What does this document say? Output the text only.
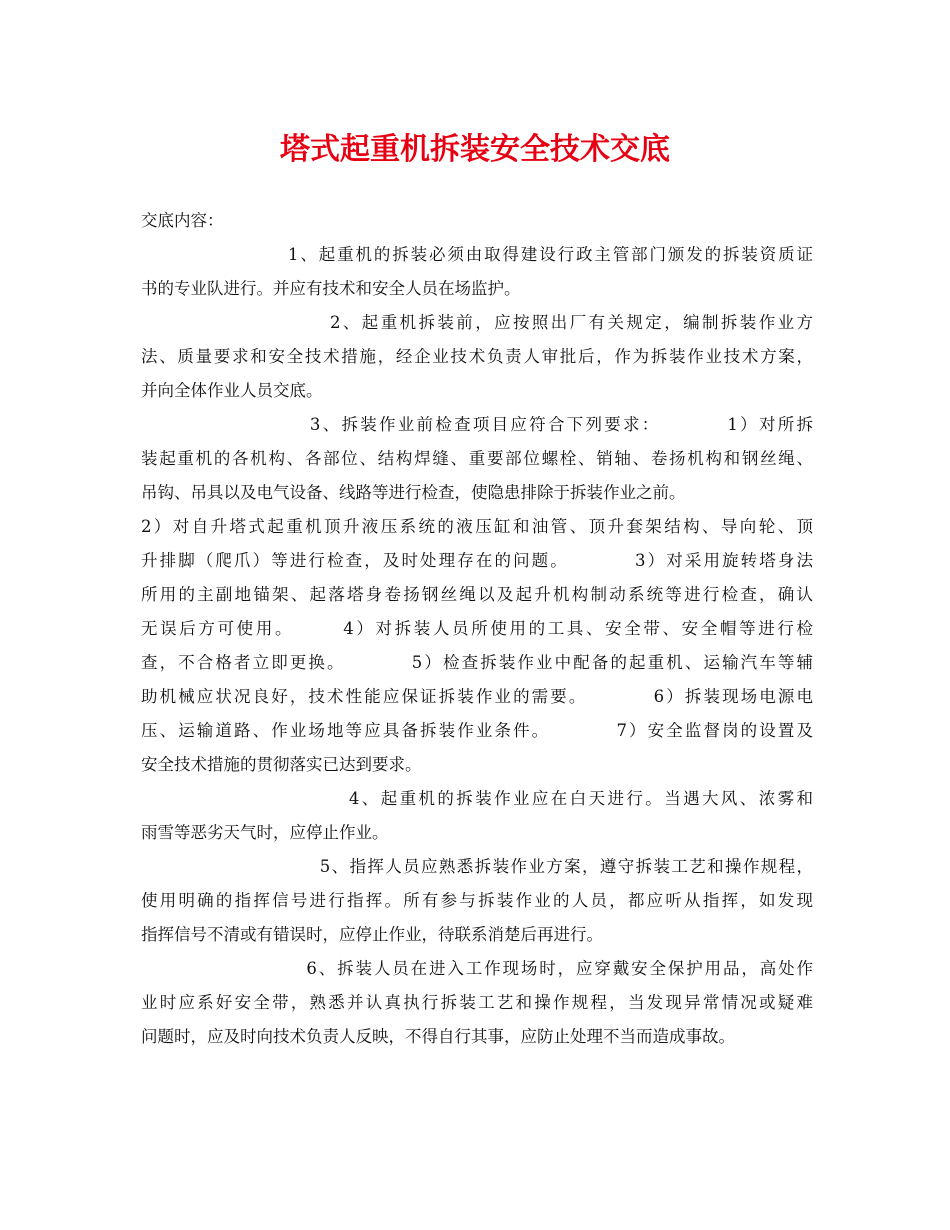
塔式起重机拆装安全技术交底
交底内容：
　　　　　　　　1、起重机的拆装必须由取得建设行政主管部门颁发的拆装资质证
书的专业队进行。并应有技术和安全人员在场监护。
　　　　　　　　　　2、起重机拆装前，应按照出厂有关规定，编制拆装作业方
法、质量要求和安全技术措施，经企业技术负责人审批后，作为拆装作业技术方案，
并向全体作业人员交底。
　　　　　　　　　3、拆装作业前检查项目应符合下列要求：　　　　1）对所拆
装起重机的各机构、各部位、结构焊缝、重要部位螺栓、销轴、卷扬机构和钢丝绳、
吊钩、吊具以及电气设备、线路等进行检查，使隐患排除于拆装作业之前。
2）对自升塔式起重机顶升液压系统的液压缸和油管、顶升套架结构、导向轮、顶
升排脚（爬爪）等进行检查，及时处理存在的问题。　　　　3）对采用旋转塔身法
所用的主副地锚架、起落塔身卷扬钢丝绳以及起升机构制动系统等进行检查，确认
无误后方可使用。　　　4）对拆装人员所使用的工具、安全带、安全帽等进行检
查，不合格者立即更换。　　　　5）检查拆装作业中配备的起重机、运输汽车等辅
助机械应状况良好，技术性能应保证拆装作业的需要。　　　　6）拆装现场电源电
压、运输道路、作业场地等应具备拆装作业条件。　　　　7）安全监督岗的设置及
安全技术措施的贯彻落实已达到要求。
　　　　　　　　　　　4、起重机的拆装作业应在白天进行。当遇大风、浓雾和
雨雪等恶劣天气时，应停止作业。
　　　　　　　　　　5、指挥人员应熟悉拆装作业方案，遵守拆装工艺和操作规程，
使用明确的指挥信号进行指挥。所有参与拆装作业的人员，都应听从指挥，如发现
指挥信号不清或有错误时，应停止作业，待联系消楚后再进行。
　　　　　　　　　6、拆装人员在进入工作现场时，应穿戴安全保护用品，高处作
业时应系好安全带，熟悉并认真执行拆装工艺和操作规程，当发现异常情况或疑难
问题时，应及时向技术负责人反映，不得自行其事，应防止处理不当而造成事故。
